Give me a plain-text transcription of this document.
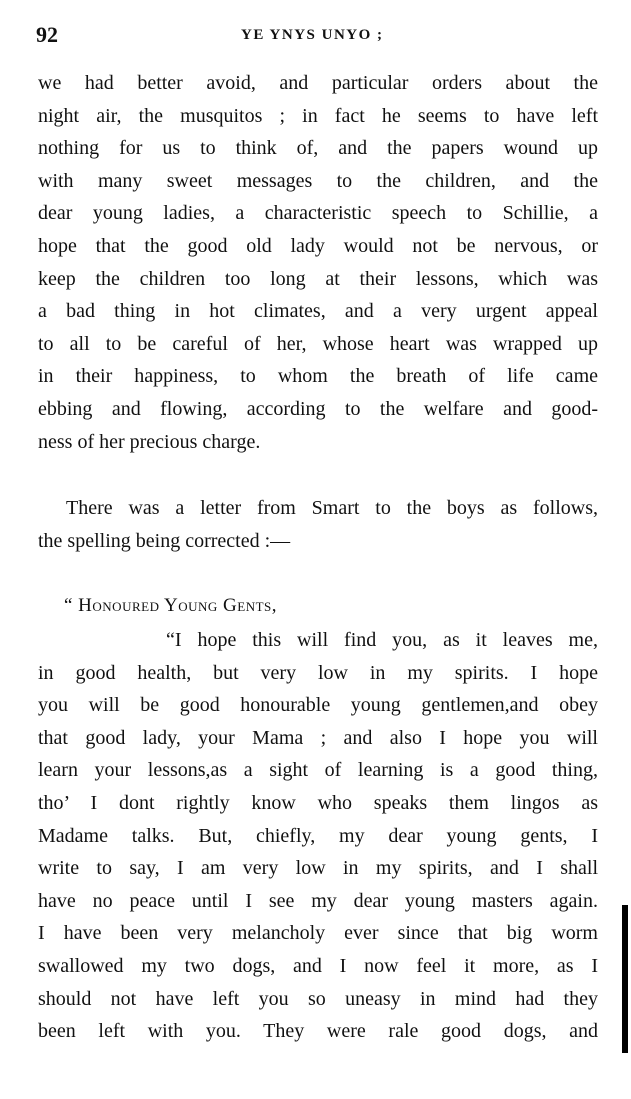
92	YE YNYS UNYO ;
we had better avoid, and particular orders about the
night air, the musquitos ; in fact he seems to have left
nothing for us to think of, and the papers wound up
with many sweet messages to the children, and the
dear young ladies, a characteristic speech to Schillie, a
hope that the good old lady would not be nervous, or
keep the children too long at their lessons, which was
a bad thing in hot climates, and a very urgent appeal
to all to be careful of her, whose heart was wrapped up
in their happiness, to whom the breath of life came
ebbing and flowing, according to the welfare and good-
ness of her precious charge.
There was a letter from Smart to the boys as follows,
the spelling being corrected :—
“ Honoured Young Gents,
“I hope this will find you, as it leaves me,
in good health, but very low in my spirits. I hope
you will be good honourable young gentlemen,and obey
that good lady, your Mama ; and also I hope you will
learn your lessons,as a sight of learning is a good thing,
tho’ I dont rightly know who speaks them lingos as
Madame talks. But, chiefly, my dear young gents, I
write to say, I am very low in my spirits, and I shall
have no peace until I see my dear young masters again.
I have been very melancholy ever since that big worm
swallowed my two dogs, and I now feel it more, as I
should not have left you so uneasy in mind had they
been left with you. They were rale good dogs, and
